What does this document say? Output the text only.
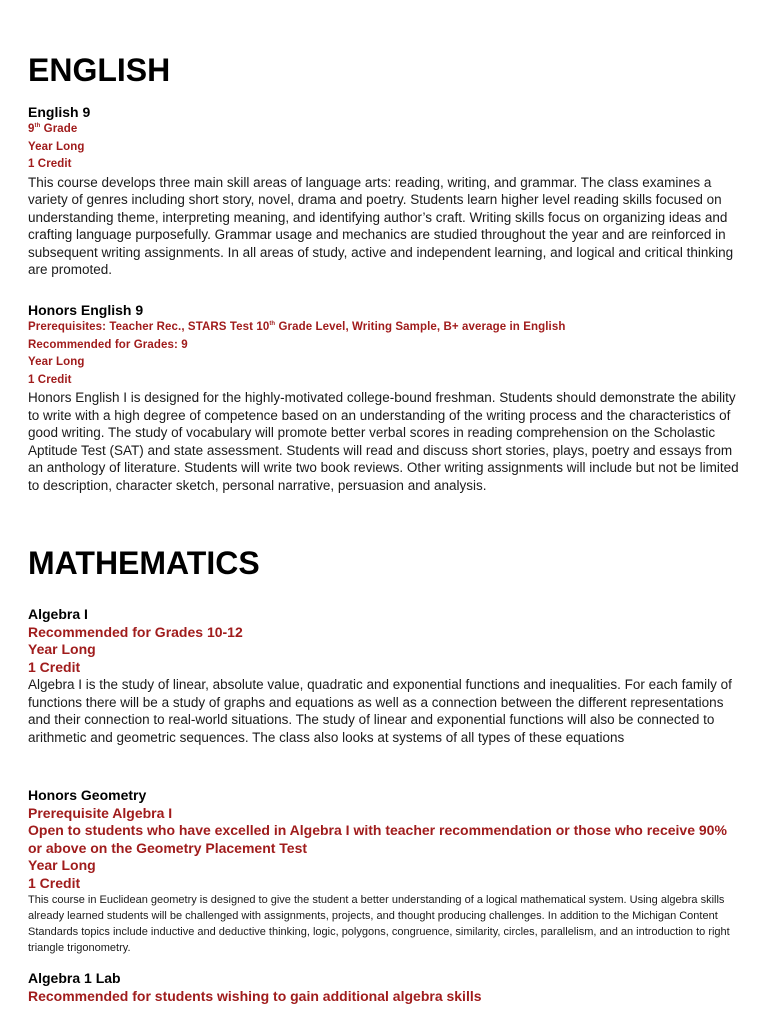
ENGLISH

English 9

9th Grade

Year Long

1 Credit

This course develops three main skill areas of language arts: reading, writing, and grammar. The class examines a variety of genres including short story, novel, drama and poetry. Students learn higher level reading skills focused on understanding theme, interpreting meaning, and identifying author’s craft. Writing skills focus on organizing ideas and crafting language purposefully. Grammar usage and mechanics are studied throughout the year and are reinforced in subsequent writing assignments. In all areas of study, active and independent learning, and logical and critical thinking are promoted.

Honors English 9

Prerequisites: Teacher Rec., STARS Test 10th Grade Level, Writing Sample, B+ average in English

Recommended for Grades: 9

Year Long

1 Credit

Honors English I is designed for the highly-motivated college-bound freshman. Students should demonstrate the ability to write with a high degree of competence based on an understanding of the writing process and the characteristics of good writing. The study of vocabulary will promote better verbal scores in reading comprehension on the Scholastic Aptitude Test (SAT) and state assessment. Students will read and discuss short stories, plays, poetry and essays from an anthology of literature. Students will write two book reviews. Other writing assignments will include but not be limited to description, character sketch, personal narrative, persuasion and analysis.

MATHEMATICS

Algebra I

Recommended for Grades 10-12

Year Long

1 Credit

Algebra I is the study of linear, absolute value, quadratic and exponential functions and inequalities. For each family of functions there will be a study of graphs and equations as well as a connection between the different representations and their connection to real-world situations. The study of linear and exponential functions will also be connected to arithmetic and geometric sequences. The class also looks at systems of all types of these equations

Honors Geometry

Prerequisite Algebra I

Open to students who have excelled in Algebra I with teacher recommendation or those who receive 90% or above on the Geometry Placement Test

Year Long

1 Credit

This course in Euclidean geometry is designed to give the student a better understanding of a logical mathematical system. Using algebra skills already learned students will be challenged with assignments, projects, and thought producing challenges. In addition to the Michigan Content Standards topics include inductive and deductive thinking, logic, polygons, congruence, similarity, circles, parallelism, and an introduction to right triangle trigonometry.

Algebra 1 Lab

Recommended for students wishing to gain additional algebra skills
